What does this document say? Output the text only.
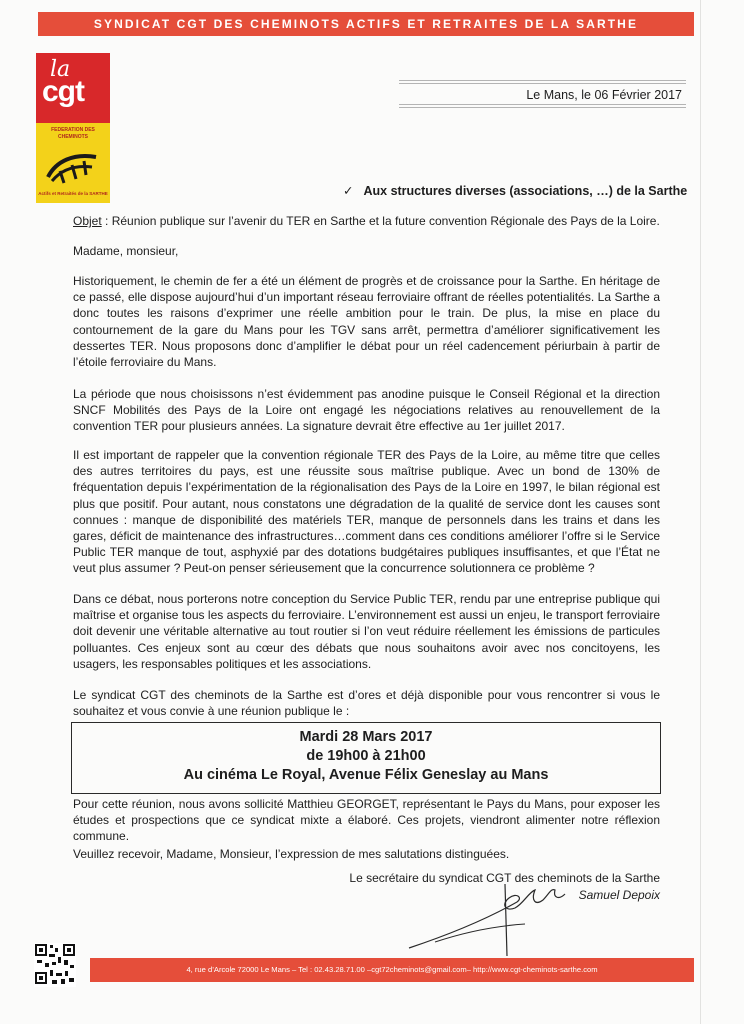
SYNDICAT CGT DES CHEMINOTS ACTIFS ET RETRAITES DE LA SARTHE
la
cgt
FEDERATION DES CHEMINOTS
Actifs et Retraités de la SARTHE
Le Mans, le 06 Février 2017
✓ Aux structures diverses (associations, …) de la Sarthe
Objet : Réunion publique sur l’avenir du TER en Sarthe et la future convention Régionale des Pays de la Loire.
Madame, monsieur,
Historiquement, le chemin de fer a été un élément de progrès et de croissance pour la Sarthe. En héritage de ce passé, elle dispose aujourd’hui d’un important réseau ferroviaire offrant de réelles potentialités. La Sarthe a donc toutes les raisons d’exprimer une réelle ambition pour le train. De plus, la mise en place du contournement de la gare du Mans pour les TGV sans arrêt, permettra d’améliorer significativement les dessertes TER. Nous proposons donc d’amplifier le débat pour un réel cadencement périurbain à partir de l’étoile ferroviaire du Mans.
La période que nous choisissons n’est évidemment pas anodine puisque le Conseil Régional et la direction SNCF Mobilités des Pays de la Loire ont engagé les négociations relatives au renouvellement de la convention TER pour plusieurs années. La signature devrait être effective au 1er juillet 2017.
Il est important de rappeler que la convention régionale TER des Pays de la Loire, au même titre que celles des autres territoires du pays, est une réussite sous maîtrise publique. Avec un bond de 130% de fréquentation depuis l’expérimentation de la régionalisation des Pays de la Loire en 1997, le bilan régional est plus que positif. Pour autant, nous constatons une dégradation de la qualité de service dont les causes sont connues : manque de disponibilité des matériels TER, manque de personnels dans les trains et dans les gares, déficit de maintenance des infrastructures…comment dans ces conditions améliorer l’offre si le Service Public TER manque de tout, asphyxié par des dotations budgétaires publiques insuffisantes, et que l’État ne veut plus assumer ? Peut-on penser sérieusement que la concurrence solutionnera ce problème ?
Dans ce débat, nous porterons notre conception du Service Public TER, rendu par une entreprise publique qui maîtrise et organise tous les aspects du ferroviaire. L’environnement est aussi un enjeu, le transport ferroviaire doit devenir une véritable alternative au tout routier si l’on veut réduire réellement les émissions de particules polluantes. Ces enjeux sont au cœur des débats que nous souhaitons avoir avec nos concitoyens, les usagers, les responsables politiques et les associations.
Le syndicat CGT des cheminots de la Sarthe est d’ores et déjà disponible pour vous rencontrer si vous le souhaitez et vous convie à une réunion publique le :
Mardi 28 Mars 2017
de 19h00 à 21h00
Au cinéma Le Royal, Avenue Félix Geneslay au Mans
Pour cette réunion, nous avons sollicité Matthieu GEORGET, représentant le Pays du Mans, pour exposer les études et prospections que ce syndicat mixte a élaboré. Ces projets, viendront alimenter notre réflexion commune.
Veuillez recevoir, Madame, Monsieur, l’expression de mes salutations distinguées.
Le secrétaire du syndicat CGT des cheminots de la Sarthe
Samuel Depoix
4, rue d’Arcole 72000 Le Mans – Tel : 02.43.28.71.00 –cgt72cheminots@gmail.com– http://www.cgt-cheminots-sarthe.com
